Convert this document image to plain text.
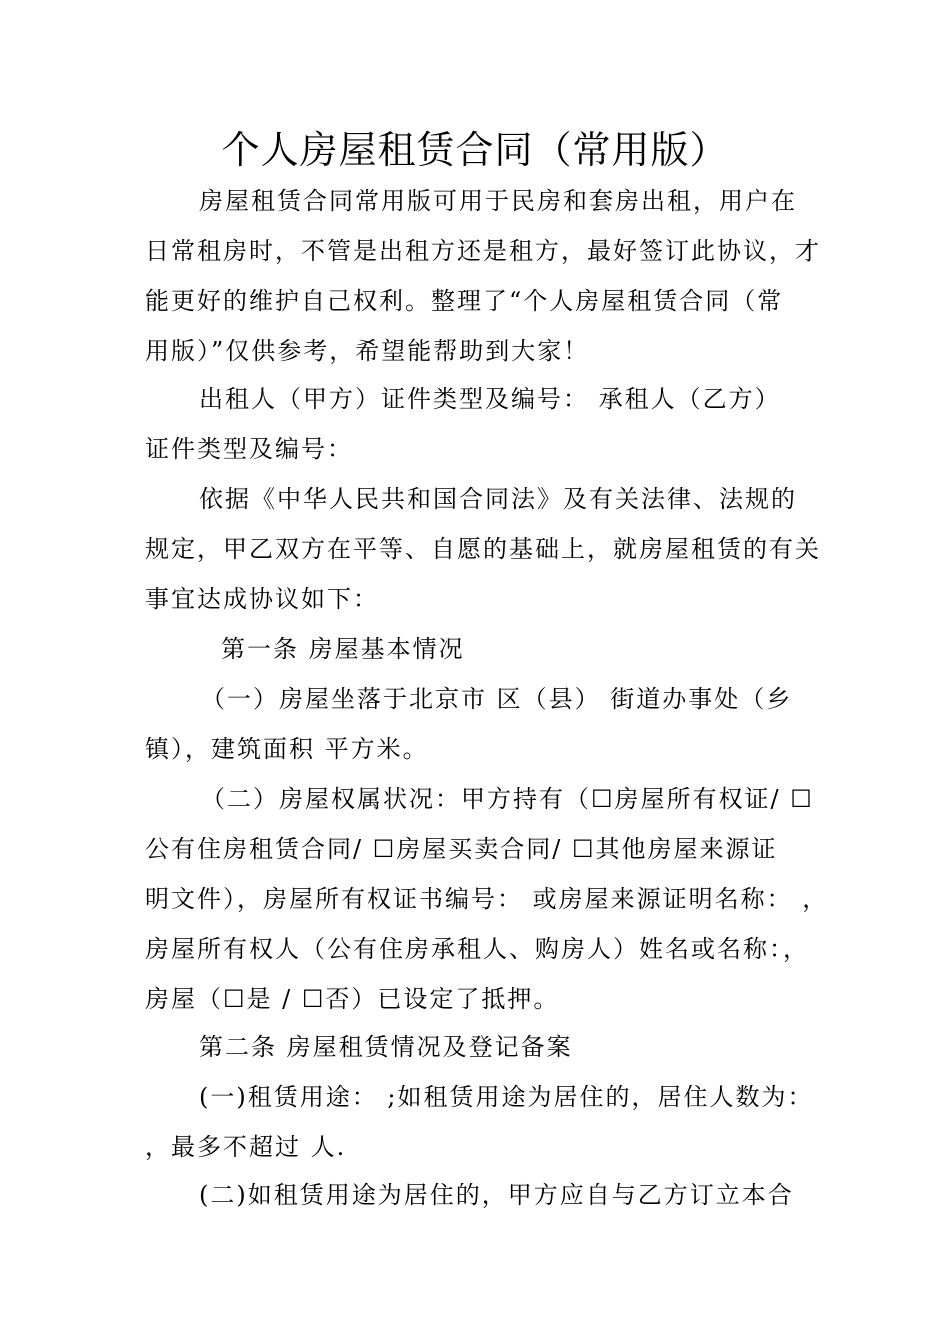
个人房屋租赁合同（常用版）
房屋租赁合同常用版可用于民房和套房出租，用户在
日常租房时，不管是出租方还是租方，最好签订此协议，才
能更好的维护自己权利。整理了“个人房屋租赁合同（常
用版）”仅供参考，希望能帮助到大家！
出租人（甲方）证件类型及编号： 承租人（乙方）
证件类型及编号：
依据《中华人民共和国合同法》及有关法律、法规的
规定，甲乙双方在平等、自愿的基础上，就房屋租赁的有关
事宜达成协议如下：
第一条 房屋基本情况
（一）房屋坐落于北京市 区（县） 街道办事处（乡
镇），建筑面积 平方米。
（二）房屋权属状况：甲方持有（☐房屋所有权证/ ☐
公有住房租赁合同/ ☐房屋买卖合同/ ☐其他房屋来源证
明文件），房屋所有权证书编号： 或房屋来源证明名称： ，
房屋所有权人（公有住房承租人、购房人）姓名或名称：，
房屋（☐是 / ☐否）已设定了抵押。
第二条 房屋租赁情况及登记备案
(一)租赁用途： ;如租赁用途为居住的，居住人数为：
，最多不超过 人.
(二)如租赁用途为居住的，甲方应自与乙方订立本合
